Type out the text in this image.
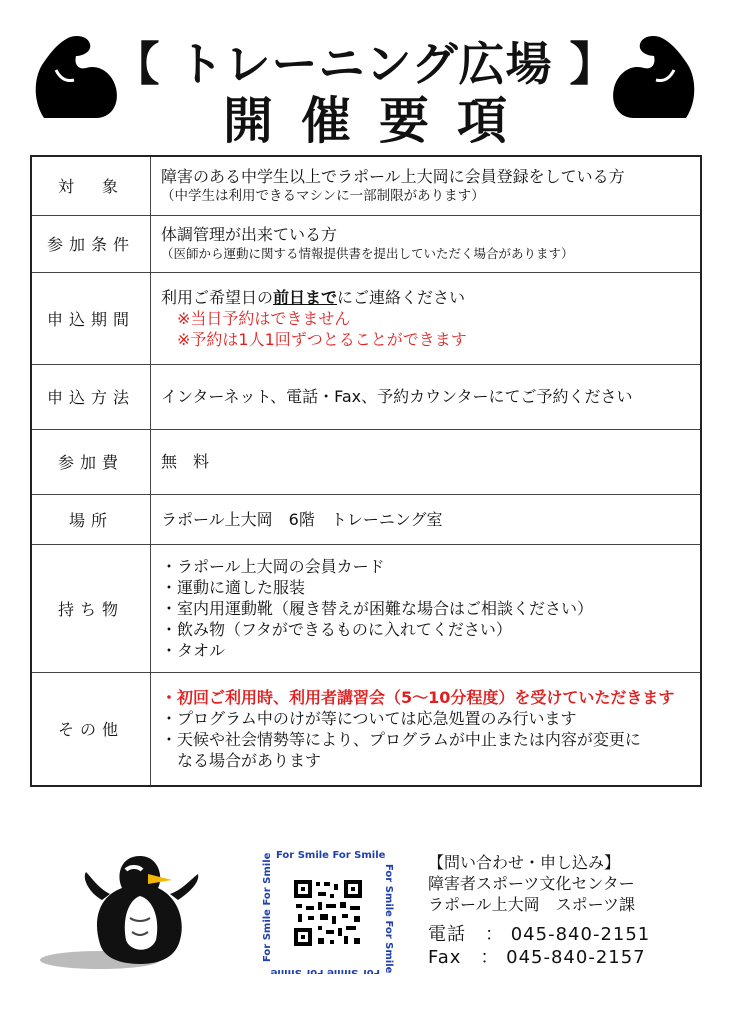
【 トレーニング広場 】
開催要項
対　象	障害のある中学生以上でラポール上大岡に会員登録をしている方
（中学生は利用できるマシンに一部制限があります）

参加条件	体調管理が出来ている方
（医師から運動に関する情報提供書を提出していただく場合があります）

申込期間	利用ご希望日の前日までにご連絡ください
　※当日予約はできません
　※予約は1人1回ずつとることができます

申込方法	インターネット、電話・Fax、予約カウンターにてご予約ください

参加費	無　料

場所	ラポール上大岡　6階　トレーニング室

持ち物	・ラポール上大岡の会員カード
・運動に適した服装
・室内用運動靴（履き替えが困難な場合はご相談ください）
・飲み物（フタができるものに入れてください）
・タオル

その他	・初回ご利用時、利用者講習会（5～10分程度）を受けていただきます
・プログラム中のけが等については応急処置のみ行います
・天候や社会情勢等により、プログラムが中止または内容が変更に
　なる場合があります
For Smile For Smile
For Smile For Smile
For Smile For Smile
For Smile For Smile	【問い合わせ・申し込み】
障害者スポーツ文化センター
ラポール上大岡　スポーツ課
電話　： 045-840-2151
Fax　： 045-840-2157
